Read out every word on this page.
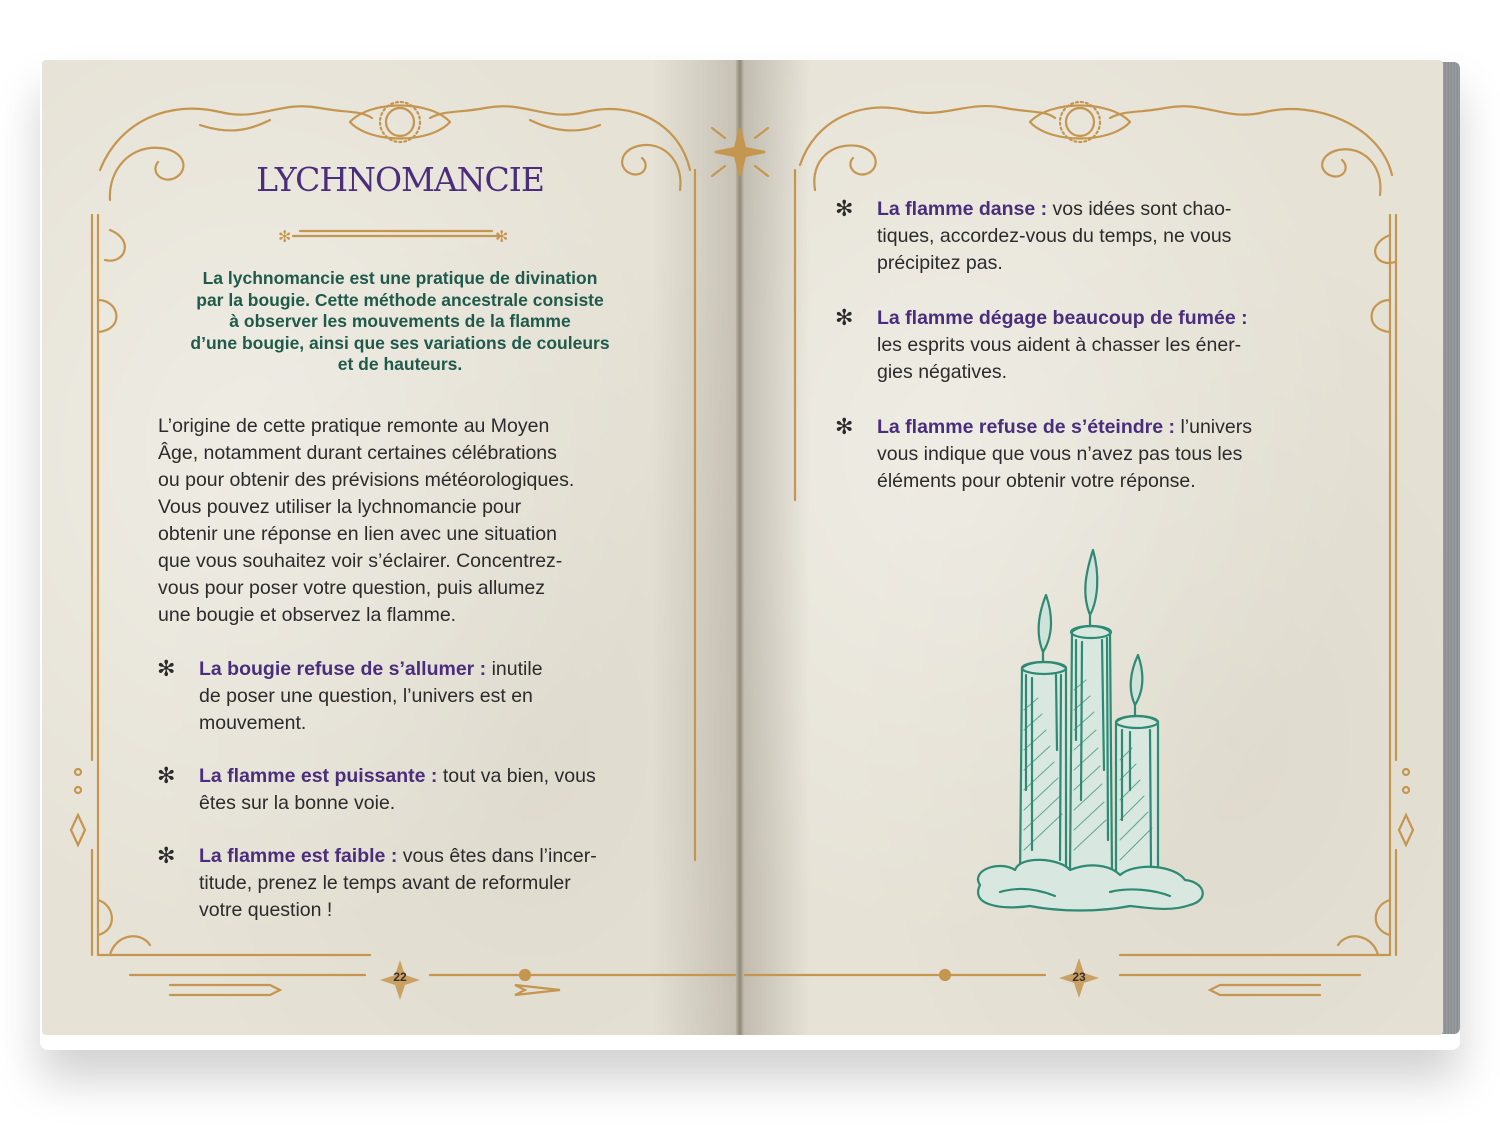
✻	✻
LYCHNOMANCIE
La lychnomancie est une pratique de divination
par la bougie. Cette méthode ancestrale consiste
à observer les mouvements de la flamme
d’une bougie, ainsi que ses variations de couleurs
et de hauteurs.
L’origine de cette pratique remonte au Moyen
Âge, notamment durant certaines célébrations
ou pour obtenir des prévisions météorologiques.
Vous pouvez utiliser la lychnomancie pour
obtenir une réponse en lien avec une situation
que vous souhaitez voir s’éclairer. Concentrez-
vous pour poser votre question, puis allumez
une bougie et observez la flamme.
✻ La bougie refuse de s’allumer : inutile
de poser une question, l’univers est en
mouvement.
✻ La flamme est puissante : tout va bien, vous
êtes sur la bonne voie.
✻ La flamme est faible : vous êtes dans l’incer-
titude, prenez le temps avant de reformuler
votre question !
22
✻ La flamme danse : vos idées sont chao-
tiques, accordez-vous du temps, ne vous
précipitez pas.
✻ La flamme dégage beaucoup de fumée :
les esprits vous aident à chasser les éner-
gies négatives.
✻ La flamme refuse de s’éteindre : l’univers
vous indique que vous n’avez pas tous les
éléments pour obtenir votre réponse.
23
